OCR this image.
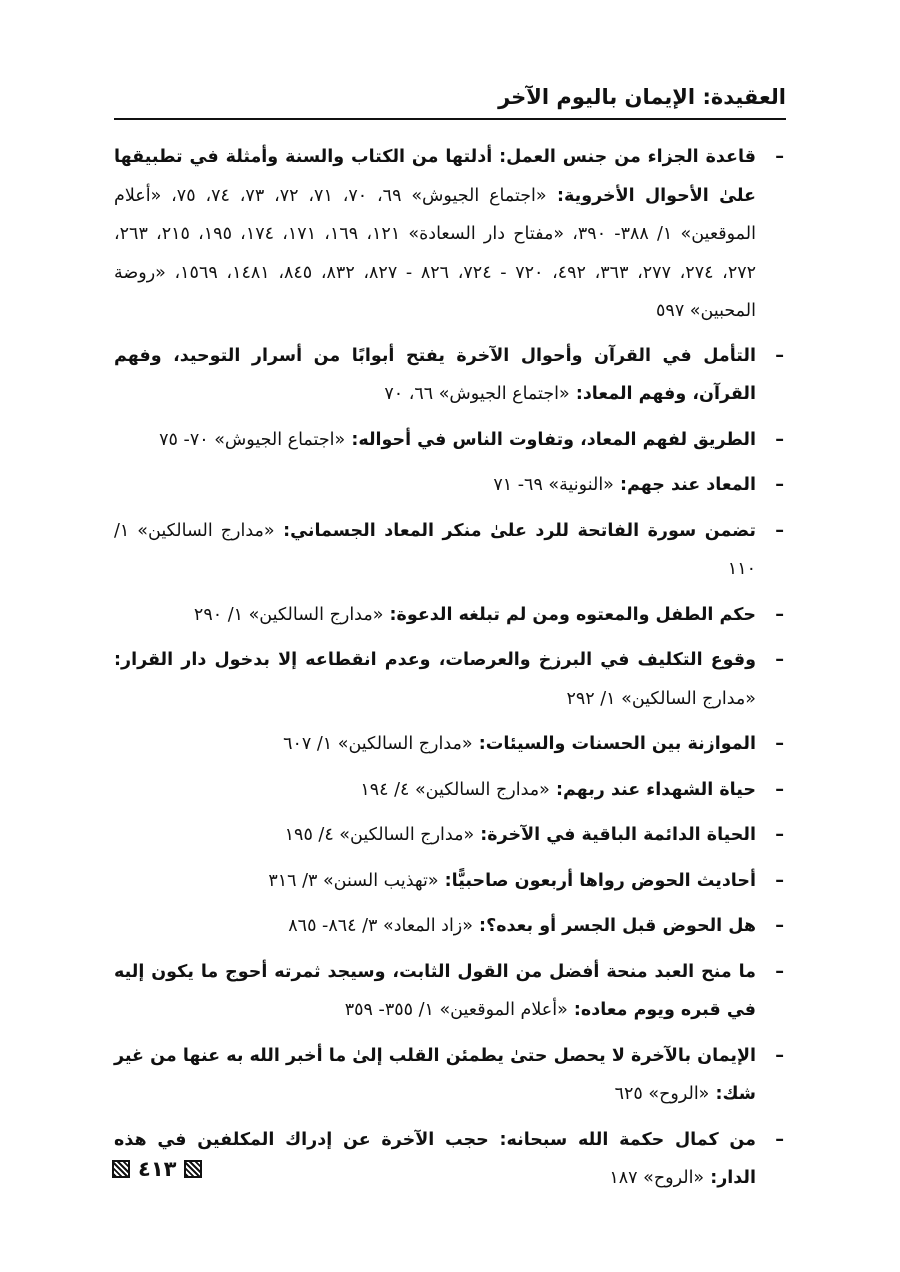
العقيدة: الإيمان باليوم الآخر
–
قاعدة الجزاء من جنس العمل: أدلتها من الكتاب والسنة وأمثلة في تطبيقها علىٰ الأحوال الأخروية: «اجتماع الجيوش» ٦٩، ٧٠، ٧١، ٧٢، ٧٣، ٧٤، ٧٥، «أعلام الموقعين» ١/ ٣٨٨- ٣٩٠، «مفتاح دار السعادة» ١٢١، ١٦٩، ١٧١، ١٧٤، ١٩٥، ٢١٥، ٢٦٣، ٢٧٢، ٢٧٤، ٢٧٧، ٣٦٣، ٤٩٢، ٧٢٠ - ٧٢٤، ٨٢٦ - ٨٢٧، ٨٣٢، ٨٤٥، ١٤٨١، ١٥٦٩، «روضة المحبين» ٥٩٧
–
التأمل في القرآن وأحوال الآخرة يفتح أبوابًا من أسرار التوحيد، وفهم القرآن، وفهم المعاد: «اجتماع الجيوش» ٦٦، ٧٠
–
الطريق لفهم المعاد، وتفاوت الناس في أحواله: «اجتماع الجيوش» ٧٠- ٧٥
–
المعاد عند جهم: «النونية» ٦٩- ٧١
–
تضمن سورة الفاتحة للرد علىٰ منكر المعاد الجسماني: «مدارج السالكين» ١/ ١١٠
–
حكم الطفل والمعتوه ومن لم تبلغه الدعوة: «مدارج السالكين» ١/ ٢٩٠
–
وقوع التكليف في البرزخ والعرصات، وعدم انقطاعه إلا بدخول دار القرار: «مدارج السالكين» ١/ ٢٩٢
–
الموازنة بين الحسنات والسيئات: «مدارج السالكين» ١/ ٦٠٧
–
حياة الشهداء عند ربهم: «مدارج السالكين» ٤/ ١٩٤
–
الحياة الدائمة الباقية في الآخرة: «مدارج السالكين» ٤/ ١٩٥
–
أحاديث الحوض رواها أربعون صاحبيًّا: «تهذيب السنن» ٣/ ٣١٦
–
هل الحوض قبل الجسر أو بعده؟: «زاد المعاد» ٣/ ٨٦٤- ٨٦٥
–
ما منح العبد منحة أفضل من القول الثابت، وسيجد ثمرته أحوج ما يكون إليه في قبره ويوم معاده: «أعلام الموقعين» ١/ ٣٥٥- ٣٥٩
–
الإيمان بالآخرة لا يحصل حتىٰ يطمئن القلب إلىٰ ما أخبر الله به عنها من غير شك: «الروح» ٦٢٥
–
من كمال حكمة الله سبحانه: حجب الآخرة عن إدراك المكلفين في هذه الدار: «الروح» ١٨٧
٤١٣
